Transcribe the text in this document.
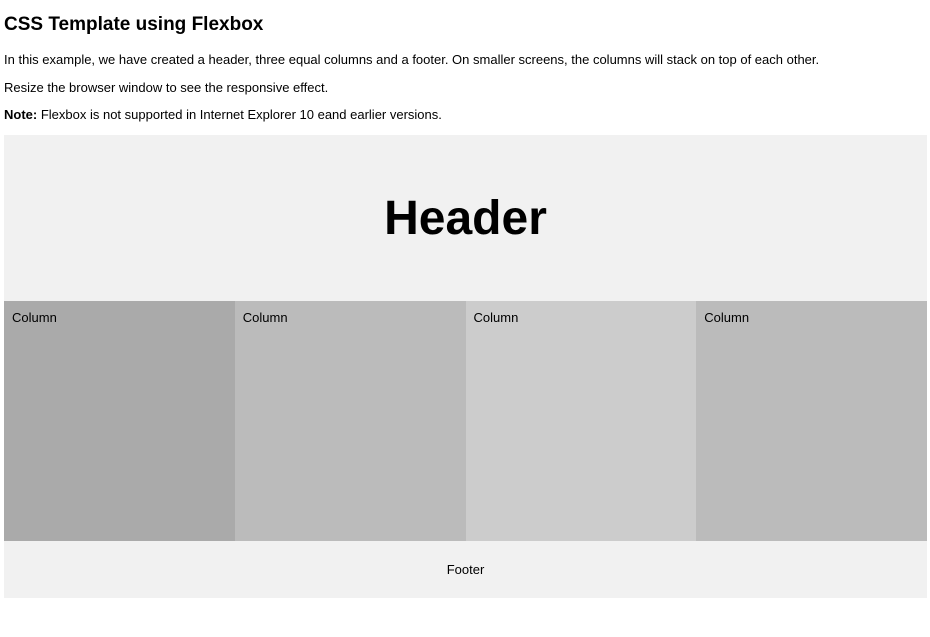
CSS Template using Flexbox

In this example, we have created a header, three equal columns and a footer. On smaller screens, the columns will stack on top of each other.

Resize the browser window to see the responsive effect.

Note: Flexbox is not supported in Internet Explorer 10 eand earlier versions.

Header
Column	Column	Column	Column

Footer
